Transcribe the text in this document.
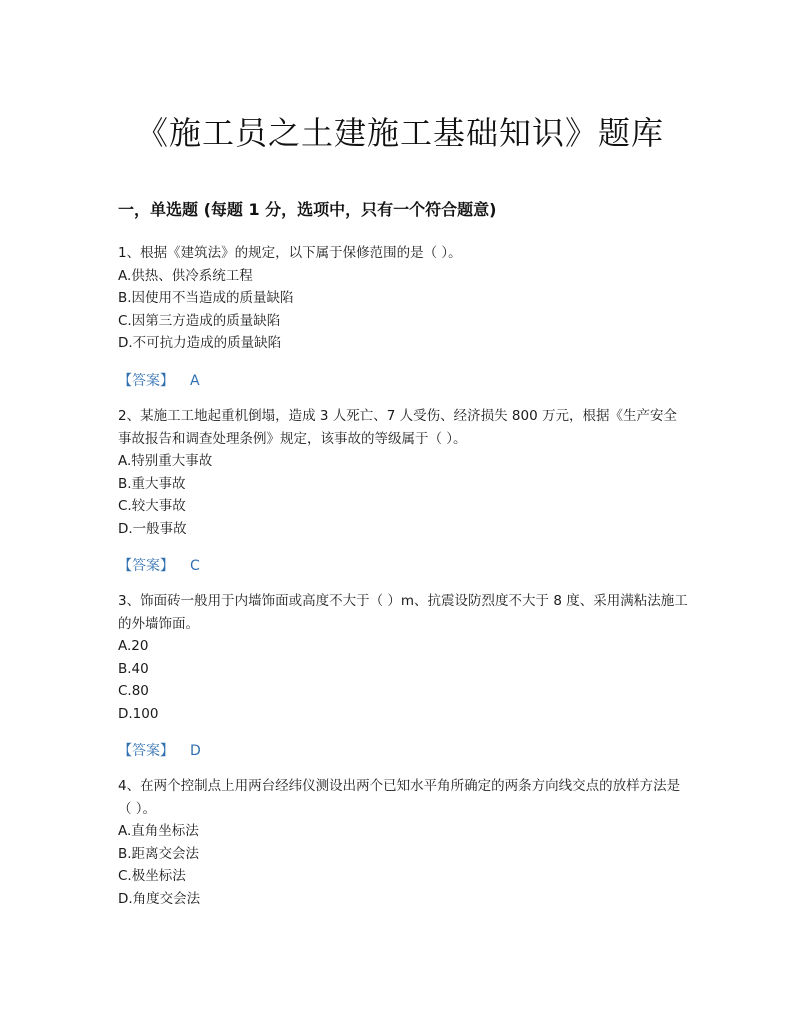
《施工员之土建施工基础知识》题库
一，单选题 (每题 1 分，选项中，只有一个符合题意)
1、根据《建筑法》的规定，以下属于保修范围的是（ ）。
A.供热、供冷系统工程
B.因使用不当造成的质量缺陷
C.因第三方造成的质量缺陷
D.不可抗力造成的质量缺陷
【答案】 A
2、某施工工地起重机倒塌，造成 3 人死亡、7 人受伤、经济损失 800 万元，根据《生产安全事故报告和调查处理条例》规定，该事故的等级属于（ ）。
A.特别重大事故
B.重大事故
C.较大事故
D.一般事故
【答案】 C
3、饰面砖一般用于内墙饰面或高度不大于（ ）m、抗震设防烈度不大于 8 度、采用满粘法施工的外墙饰面。
A.20
B.40
C.80
D.100
【答案】 D
4、在两个控制点上用两台经纬仪测设出两个已知水平角所确定的两条方向线交点的放样方法是（ ）。
A.直角坐标法
B.距离交会法
C.极坐标法
D.角度交会法
